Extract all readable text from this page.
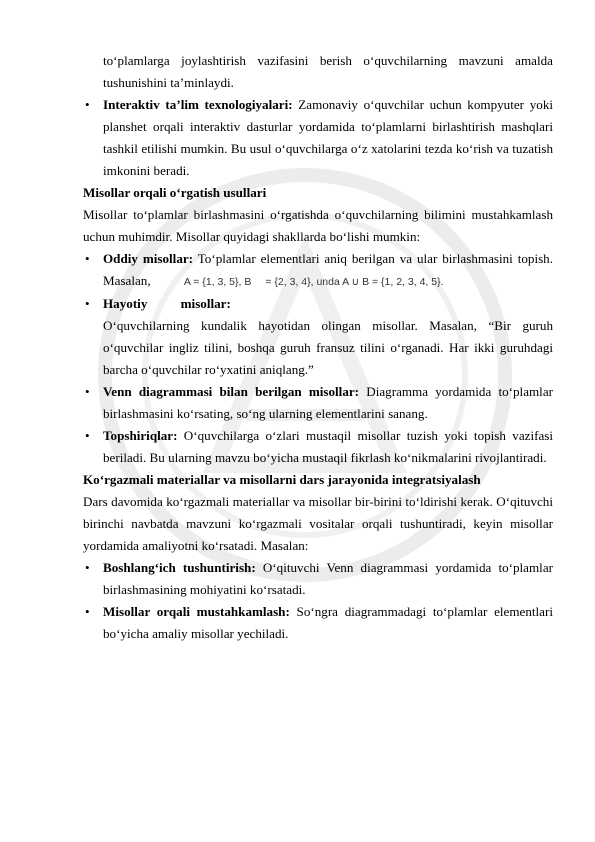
to‘plamlarga joylashtirish vazifasini berish o‘quvchilarning mavzuni amalda tushunishini ta’minlaydi.

• Interaktiv ta’lim texnologiyalari: Zamonaviy o‘quvchilar uchun kompyuter yoki planshet orqali interaktiv dasturlar yordamida to‘plamlarni birlashtirish mashqlari tashkil etilishi mumkin. Bu usul o‘quvchilarga o‘z xatolarini tezda ko‘rish va tuzatish imkonini beradi.

Misollar orqali o‘rgatish usullari

Misollar to‘plamlar birlashmasini o‘rgatishda o‘quvchilarning bilimini mustahkamlash uchun muhimdir. Misollar quyidagi shakllarda bo‘lishi mumkin:

• Oddiy misollar: To‘plamlar elementlari aniq berilgan va ular birlashmasini topish. Masalan,	A = {1, 3, 5}, B = {2, 3, 4}, unda A ∪ B = {1, 2, 3, 4, 5}.
• Hayotiy misollar:

O‘quvchilarning kundalik hayotidan olingan misollar. Masalan, “Bir guruh o‘quvchilar ingliz tilini, boshqa guruh fransuz tilini o‘rganadi. Har ikki guruhdagi barcha o‘quvchilar ro‘yxatini aniqlang.”

• Venn diagrammasi bilan berilgan misollar: Diagramma yordamida to‘plamlar birlashmasini ko‘rsating, so‘ng ularning elementlarini sanang.
• Topshiriqlar: O‘quvchilarga o‘zlari mustaqil misollar tuzish yoki topish vazifasi beriladi. Bu ularning mavzu bo‘yicha mustaqil fikrlash ko‘nikmalarini rivojlantiradi.

Ko‘rgazmali materiallar va misollarni dars jarayonida integratsiyalash

Dars davomida ko‘rgazmali materiallar va misollar bir-birini to‘ldirishi kerak. O‘qituvchi birinchi navbatda mavzuni ko‘rgazmali vositalar orqali tushuntiradi, keyin misollar yordamida amaliyotni ko‘rsatadi. Masalan:

• Boshlang‘ich tushuntirish: O‘qituvchi Venn diagrammasi yordamida to‘plamlar birlashmasining mohiyatini ko‘rsatadi.
• Misollar orqali mustahkamlash: So‘ngra diagrammadagi to‘plamlar elementlari bo‘yicha amaliy misollar yechiladi.
